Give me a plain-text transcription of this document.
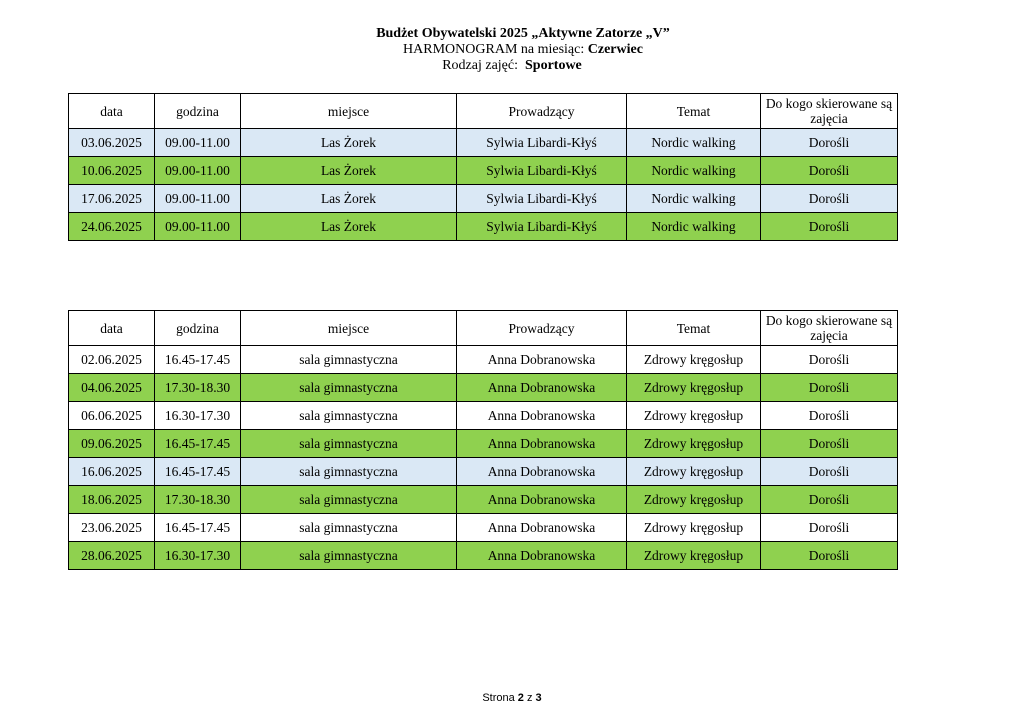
Budżet Obywatelski 2025 „Aktywne Zatorze „V”
HARMONOGRAM na miesiąc: Czerwiec
Rodzaj zajęć: Sportowe
data	godzina	miejsce	Prowadzący	Temat	Do kogo skierowane są zajęcia
03.06.2025	09.00-11.00	Las Żorek	Sylwia Libardi-Kłyś	Nordic walking	Dorośli
10.06.2025	09.00-11.00	Las Żorek	Sylwia Libardi-Kłyś	Nordic walking	Dorośli
17.06.2025	09.00-11.00	Las Żorek	Sylwia Libardi-Kłyś	Nordic walking	Dorośli
24.06.2025	09.00-11.00	Las Żorek	Sylwia Libardi-Kłyś	Nordic walking	Dorośli
data	godzina	miejsce	Prowadzący	Temat	Do kogo skierowane są zajęcia
02.06.2025	16.45-17.45	sala gimnastyczna	Anna Dobranowska	Zdrowy kręgosłup	Dorośli
04.06.2025	17.30-18.30	sala gimnastyczna	Anna Dobranowska	Zdrowy kręgosłup	Dorośli
06.06.2025	16.30-17.30	sala gimnastyczna	Anna Dobranowska	Zdrowy kręgosłup	Dorośli
09.06.2025	16.45-17.45	sala gimnastyczna	Anna Dobranowska	Zdrowy kręgosłup	Dorośli
16.06.2025	16.45-17.45	sala gimnastyczna	Anna Dobranowska	Zdrowy kręgosłup	Dorośli
18.06.2025	17.30-18.30	sala gimnastyczna	Anna Dobranowska	Zdrowy kręgosłup	Dorośli
23.06.2025	16.45-17.45	sala gimnastyczna	Anna Dobranowska	Zdrowy kręgosłup	Dorośli
28.06.2025	16.30-17.30	sala gimnastyczna	Anna Dobranowska	Zdrowy kręgosłup	Dorośli
Strona 2 z 3
